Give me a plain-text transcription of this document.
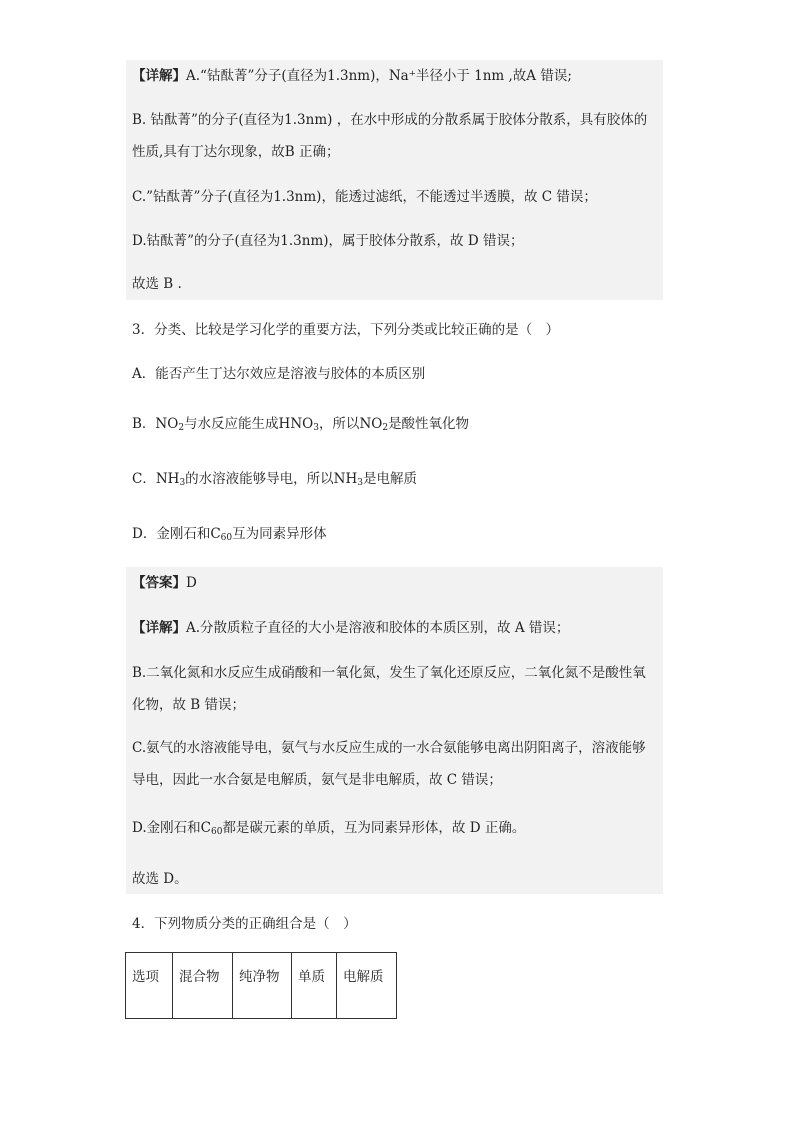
【详解】A.“钴酞菁”分子(直径为1.3nm)，Na⁺半径小于 1nm ,故A 错误;
B. 钴酞菁”的分子(直径为1.3nm) ，在水中形成的分散系属于胶体分散系，具有胶体的
性质,具有丁达尔现象，故B 正确；
C.”钴酞菁”分子(直径为1.3nm)，能透过滤纸，不能透过半透膜，故 C 错误；
D.钴酞菁”的分子(直径为1.3nm)，属于胶体分散系，故 D 错误；
故选 B .
3．分类、比较是学习化学的重要方法，下列分类或比较正确的是（　）
A．能否产生丁达尔效应是溶液与胶体的本质区别
B．$NO_2$与水反应能生成$HNO_3$，所以$NO_2$是酸性氧化物
C．$NH_3$的水溶液能够导电，所以$NH_3$是电解质
D．金刚石和$C_{60}$互为同素异形体
【答案】D
【详解】A.分散质粒子直径的大小是溶液和胶体的本质区别，故 A 错误；
B.二氧化氮和水反应生成硝酸和一氧化氮，发生了氧化还原反应，二氧化氮不是酸性氧
化物，故 B 错误；
C.氨气的水溶液能导电，氨气与水反应生成的一水合氨能够电离出阴阳离子，溶液能够
导电，因此一水合氨是电解质，氨气是非电解质，故 C 错误；
D.金刚石和$C_{60}$都是碳元素的单质，互为同素异形体，故 D 正确。
故选 D。
4．下列物质分类的正确组合是（　）
选项	混合物	纯净物	单质	电解质
